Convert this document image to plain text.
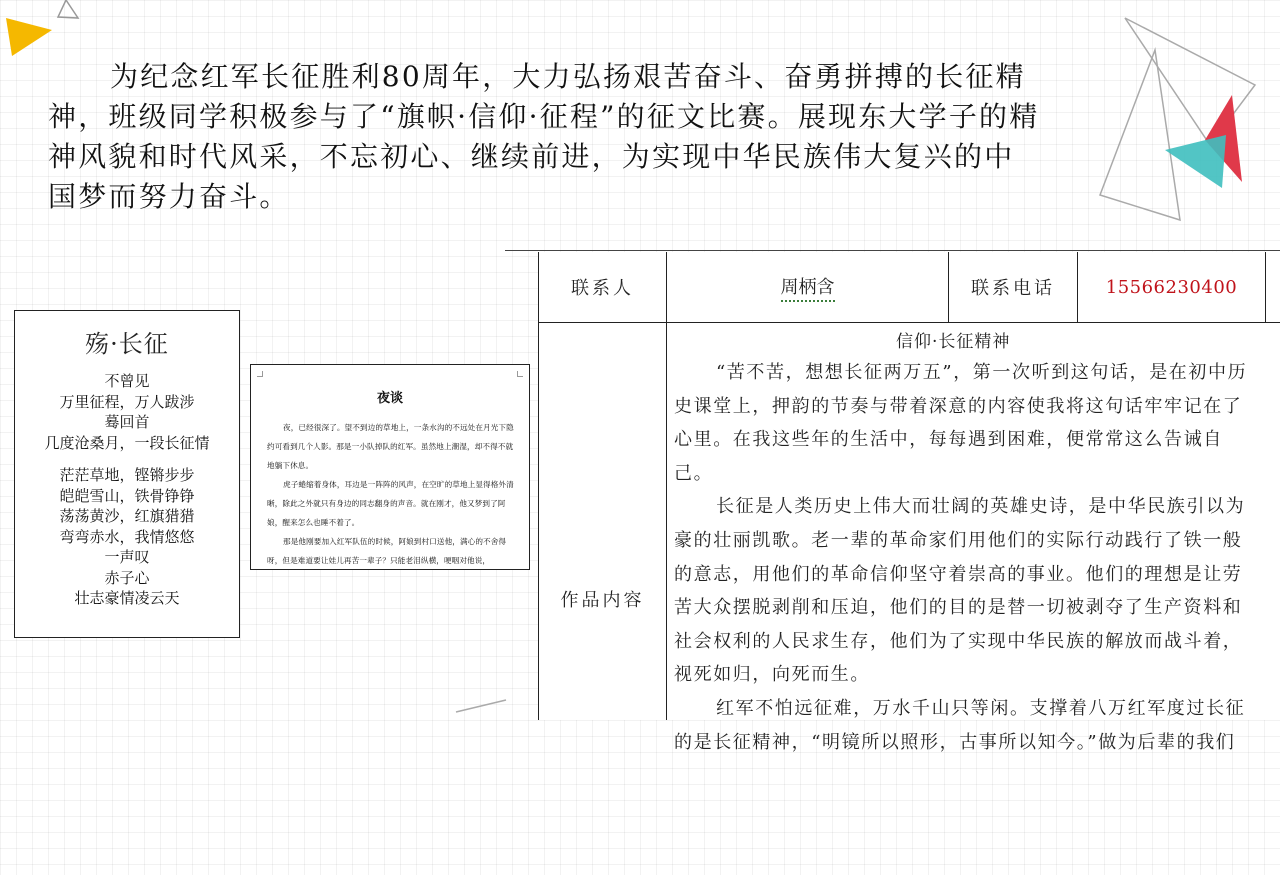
为纪念红军长征胜利80周年，大力弘扬艰苦奋斗、奋勇拼搏的长征精神，班级同学积极参与了“旗帜·信仰·征程”的征文比赛。展现东大学子的精神风貌和时代风采，不忘初心、继续前进，为实现中华民族伟大复兴的中国梦而努力奋斗。

殇·长征
不曾见
万里征程，万人跋涉
蓦回首
几度沧桑月，一段长征情
茫茫草地，铿锵步步
皑皑雪山，铁骨铮铮
荡荡黄沙，红旗猎猎
弯弯赤水，我情悠悠
一声叹
赤子心
壮志豪情凌云天
夜谈

夜，已经很深了。望不到边的草地上，一条水沟的不远处在月光下隐约可看到几个人影。那是一小队掉队的红军。虽然地上潮湿，却不得不就地躺下休息。

虎子蜷缩着身体，耳边是一阵阵的风声，在空旷的草地上显得格外清晰，除此之外就只有身边的同志翻身的声音。就在刚才，他又梦到了阿娘，醒来怎么也睡不着了。

那是他刚要加入红军队伍的时候，阿娘到村口送他，满心的不舍得呀，但是难道要让娃儿再苦一辈子？只能老泪纵横，哽咽对他说，

联系人	周柄含	联系电话	15566230400
作品内容
信仰·长征精神

“苦不苦，想想长征两万五”，第一次听到这句话，是在初中历史课堂上，押韵的节奏与带着深意的内容使我将这句话牢牢记在了心里。在我这些年的生活中，每每遇到困难，便常常这么告诫自己。

长征是人类历史上伟大而壮阔的英雄史诗，是中华民族引以为豪的壮丽凯歌。老一辈的革命家们用他们的实际行动践行了铁一般的意志，用他们的革命信仰坚守着崇高的事业。他们的理想是让劳苦大众摆脱剥削和压迫，他们的目的是替一切被剥夺了生产资料和社会权利的人民求生存，他们为了实现中华民族的解放而战斗着，视死如归，向死而生。

红军不怕远征难，万水千山只等闲。支撑着八万红军度过长征的是长征精神，“明镜所以照形，古事所以知今。”做为后辈的我们
